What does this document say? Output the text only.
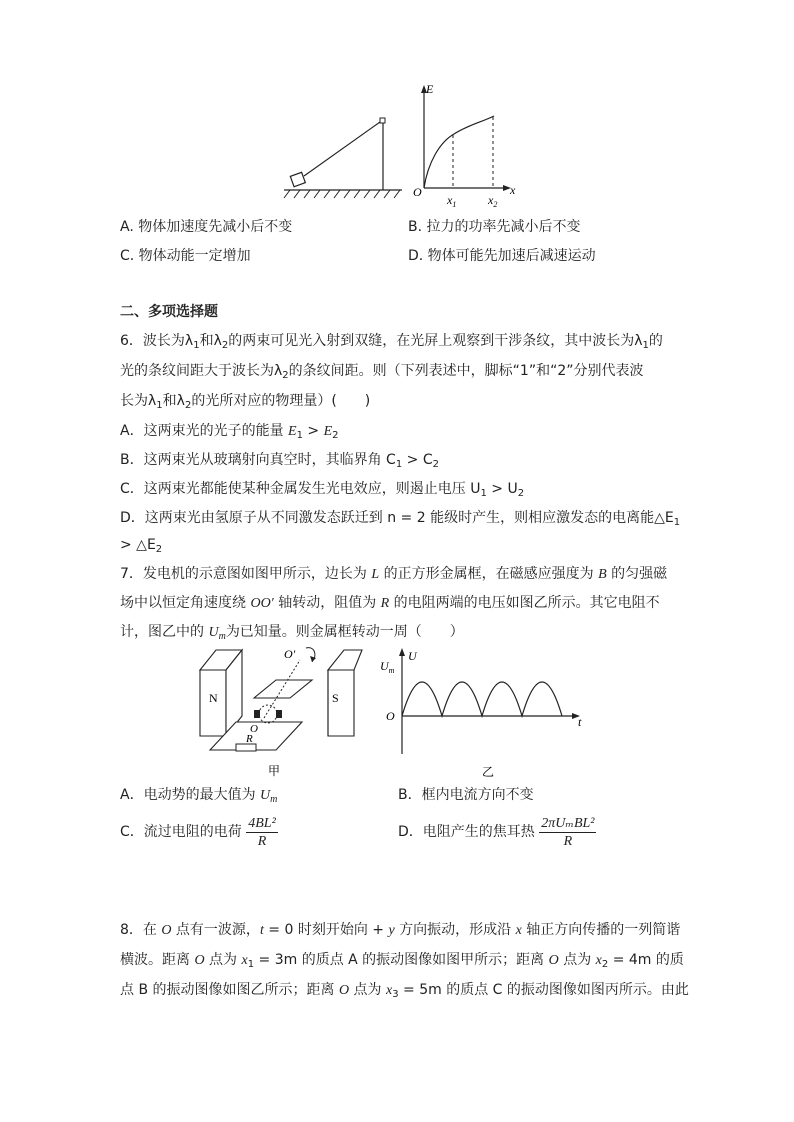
E
x
O
$x_1$	$x_2$
A. 物体加速度先减小后不变	B. 拉力的功率先减小后不变
C. 物体动能一定增加	D. 物体可能先加速后减速运动
二、多项选择题
6．波长为$\lambda_1$和$\lambda_2$的两束可见光入射到双缝，在光屏上观察到干涉条纹，其中波长为$\lambda_1$的
光的条纹间距大于波长为$\lambda_2$的条纹间距。则（下列表述中，脚标“1”和“2”分别代表波
长为$\lambda_1$和$\lambda_2$的光所对应的物理量）(　　)
A．这两束光的光子的能量 $E_1 > E_2$
B．这两束光从玻璃射向真空时，其临界角 $C_1 > C_2$
C．这两束光都能使某种金属发生光电效应，则遏止电压 $U_1 > U_2$
D．这两束光由氢原子从不同激发态跃迁到 n = 2 能级时产生，则相应激发态的电离能$\triangle E_1$
> $\triangle E_2$
7．发电机的示意图如图甲所示，边长为 L 的正方形金属框，在磁感应强度为 B 的匀强磁
场中以恒定角速度绕 OO′ 轴转动，阻值为 R 的电阻两端的电压如图乙所示。其它电阻不
计，图乙中的 $U_m$为已知量。则金属框转动一周（　　）
N	S
O′
O
R
甲
U
$U_m$
O	t
乙
A．电动势的最大值为 $U_m$	B．框内电流方向不变
C．流过电阻的电荷 $\frac{\text{4BL²}}{R}$	D．电阻产生的焦耳热 $\frac{\text{2πUₘBL²}}{R}$
8．在 O 点有一波源，t = 0 时刻开始向 + y 方向振动，形成沿 x 轴正方向传播的一列简谐
横波。距离 O 点为 $x_1 = 3m$ 的质点 A 的振动图像如图甲所示；距离 O 点为 $x_2 = 4m$ 的质
点 B 的振动图像如图乙所示；距离 O 点为 $x_3 = 5m$ 的质点 C 的振动图像如图丙所示。由此
